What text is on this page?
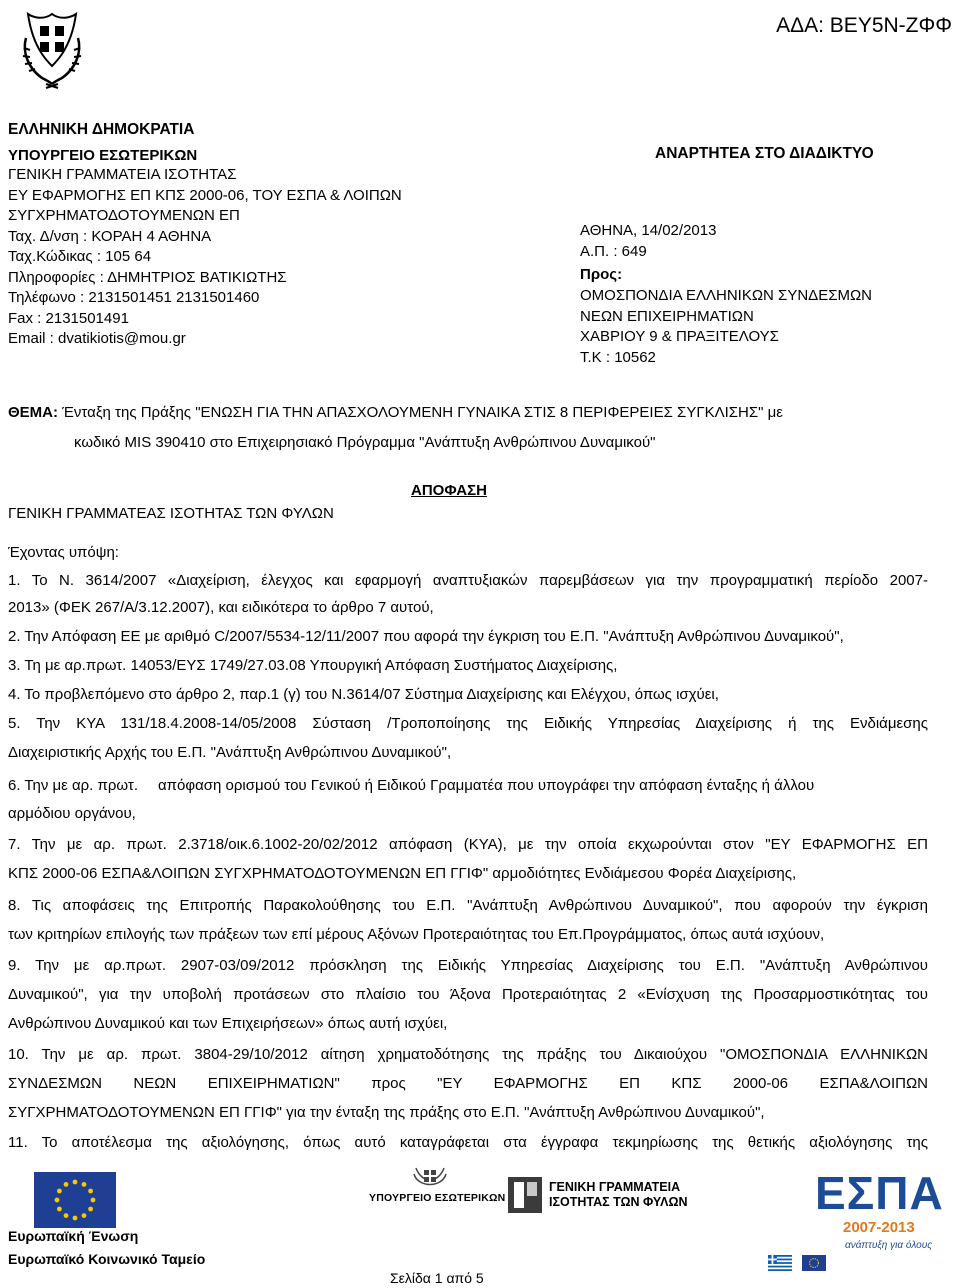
ΑΔΑ: ΒΕΥ5Ν-ΖΦΦ
ΕΛΛΗΝΙΚΗ ΔΗΜΟΚΡΑΤΙΑ
ΥΠΟΥΡΓΕΙΟ ΕΣΩΤΕΡΙΚΩΝ
ΓΕΝΙΚΗ ΓΡΑΜΜΑΤΕΙΑ ΙΣΟΤΗΤΑΣ
ΕΥ ΕΦΑΡΜΟΓΗΣ ΕΠ ΚΠΣ 2000-06, ΤΟΥ ΕΣΠΑ & ΛΟΙΠΩΝ
ΣΥΓΧΡΗΜΑΤΟΔΟΤΟΥΜΕΝΩΝ ΕΠ
Ταχ. Δ/νση : ΚΟΡΑΗ 4 ΑΘΗΝΑ
Ταχ.Κώδικας : 105 64
Πληροφορίες : ΔΗΜΗΤΡΙΟΣ ΒΑΤΙΚΙΩΤΗΣ
Τηλέφωνο : 2131501451 2131501460
Fax : 2131501491
Email : dvatikiotis@mou.gr
ΑΝΑΡΤΗΤΕΑ ΣΤΟ ΔΙΑΔΙΚΤΥΟ
ΑΘΗΝΑ, 14/02/2013
Α.Π. : 649
Προς:
ΟΜΟΣΠΟΝΔΙΑ ΕΛΛΗΝΙΚΩΝ ΣΥΝΔΕΣΜΩΝ
ΝΕΩΝ ΕΠΙΧΕΙΡΗΜΑΤΙΩΝ
ΧΑΒΡΙΟΥ 9 & ΠΡΑΞΙΤΕΛΟΥΣ
Τ.Κ : 10562
ΘΕΜΑ: Ένταξη της Πράξης "ΕΝΩΣΗ ΓΙΑ ΤΗΝ ΑΠΑΣΧΟΛΟΥΜΕΝΗ ΓΥΝΑΙΚΑ ΣΤΙΣ 8 ΠΕΡΙΦΕΡΕΙΕΣ ΣΥΓΚΛΙΣΗΣ" με
κωδικό MIS 390410 στο Επιχειρησιακό Πρόγραμμα "Ανάπτυξη Ανθρώπινου Δυναμικού"
ΑΠΟΦΑΣΗ
ΓΕΝΙΚΗ ΓΡΑΜΜΑΤΕΑΣ ΙΣΟΤΗΤΑΣ ΤΩΝ ΦΥΛΩΝ
Έχοντας υπόψη:
1. Το Ν. 3614/2007 «Διαχείριση, έλεγχος και εφαρμογή αναπτυξιακών παρεμβάσεων για την προγραμματική περίοδο 2007-
2013» (ΦΕΚ 267/Α/3.12.2007), και ειδικότερα το άρθρο 7 αυτού,
2. Την Απόφαση ΕΕ με αριθμό C/2007/5534-12/11/2007 που αφορά την έγκριση του Ε.Π. "Ανάπτυξη Ανθρώπινου Δυναμικού",
3. Τη με αρ.πρωτ. 14053/ΕΥΣ 1749/27.03.08 Υπουργική Απόφαση Συστήματος Διαχείρισης,
4. Το προβλεπόμενο στο άρθρο 2, παρ.1 (γ) του Ν.3614/07 Σύστημα Διαχείρισης και Ελέγχου, όπως ισχύει,
5. Την ΚΥΑ 131/18.4.2008-14/05/2008 Σύσταση /Τροποποίησης της Ειδικής Υπηρεσίας Διαχείρισης ή της Ενδιάμεσης
Διαχειριστικής Αρχής του Ε.Π. "Ανάπτυξη Ανθρώπινου Δυναμικού",
6. Την με αρ. πρωτ. απόφαση ορισμού του Γενικού ή Ειδικού Γραμματέα που υπογράφει την απόφαση ένταξης ή άλλου
αρμόδιου οργάνου,
7. Την με αρ. πρωτ. 2.3718/οικ.6.1002-20/02/2012 απόφαση (ΚΥΑ), με την οποία εκχωρούνται στον "ΕΥ ΕΦΑΡΜΟΓΗΣ ΕΠ
ΚΠΣ 2000-06 ΕΣΠΑ&ΛΟΙΠΩΝ ΣΥΓΧΡΗΜΑΤΟΔΟΤΟΥΜΕΝΩΝ ΕΠ ΓΓΙΦ" αρμοδιότητες Ενδιάμεσου Φορέα Διαχείρισης,
8. Τις αποφάσεις της Επιτροπής Παρακολούθησης του Ε.Π. "Ανάπτυξη Ανθρώπινου Δυναμικού", που αφορούν την έγκριση
των κριτηρίων επιλογής των πράξεων των επί μέρους Αξόνων Προτεραιότητας του Επ.Προγράμματος, όπως αυτά ισχύουν,
9. Την με αρ.πρωτ. 2907-03/09/2012 πρόσκληση της Ειδικής Υπηρεσίας Διαχείρισης του Ε.Π. "Ανάπτυξη Ανθρώπινου
Δυναμικού", για την υποβολή προτάσεων στο πλαίσιο του Άξονα Προτεραιότητας 2 «Ενίσχυση της Προσαρμοστικότητας του
Ανθρώπινου Δυναμικού και των Επιχειρήσεων» όπως αυτή ισχύει,
10. Την με αρ. πρωτ. 3804-29/10/2012 αίτηση χρηματοδότησης της πράξης του Δικαιούχου "ΟΜΟΣΠΟΝΔΙΑ ΕΛΛΗΝΙΚΩΝ
ΣΥΝΔΕΣΜΩΝ ΝΕΩΝ ΕΠΙΧΕΙΡΗΜΑΤΙΩΝ" προς "ΕΥ ΕΦΑΡΜΟΓΗΣ ΕΠ ΚΠΣ 2000-06 ΕΣΠΑ&ΛΟΙΠΩΝ
ΣΥΓΧΡΗΜΑΤΟΔΟΤΟΥΜΕΝΩΝ ΕΠ ΓΓΙΦ" για την ένταξη της πράξης στο Ε.Π. "Ανάπτυξη Ανθρώπινου Δυναμικού",
11. Το αποτέλεσμα της αξιολόγησης, όπως αυτό καταγράφεται στα έγγραφα τεκμηρίωσης της θετικής αξιολόγησης της
Ευρωπαϊκή Ένωση
Ευρωπαϊκό Κοινωνικό Ταμείο
ΥΠΟΥΡΓΕΙΟ ΕΣΩΤΕΡΙΚΩΝ
ΓΕΝΙΚΗ ΓΡΑΜΜΑΤΕΙΑ
ΙΣΟΤΗΤΑΣ ΤΩΝ ΦΥΛΩΝ	ΕΣΠΑ
2007-2013
ανάπτυξη για όλους
Σελίδα 1 από 5
